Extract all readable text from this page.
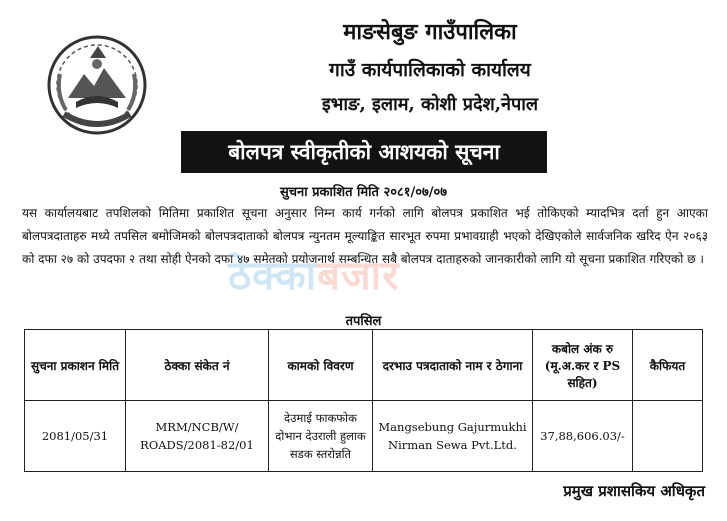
माङसेबुङ गाउँपालिका
गाउँ कार्यपालिकाको कार्यालय
इभाङ, इलाम, कोशी प्रदेश,नेपाल
बोलपत्र स्वीकृतीको आशयको सूचना
सुचना प्रकाशित मिति २०८१/०७/०७
यस कार्यालयबाट तपशिलको मितिमा प्रकाशित सूचना अनुसार निम्न कार्य गर्नको लागि बोलपत्र प्रकाशित भई तोकिएको म्यादभित्र दर्ता हुन आएका बोलपत्रदाताहरु मध्ये तपसिल बमोजिमको बोलपत्रदाताको बोलपत्र न्युनतम मूल्याङ्कित सारभूत रुपमा प्रभावग्राही भएको देखिएकोले सार्वजनिक खरिद ऐन २०६३ को दफा २७ को उपदफा २ तथा सोही ऐनको दफा ४७ समेतको प्रयोजनार्थ सम्बन्धित सबै बोलपत्र दाताहरुको जानकारीको लागि यो सूचना प्रकाशित गरिएको छ ।
ठेक्काबजार
तपसिल
सुचना प्रकाशन मिति	ठेक्का संकेत नं	कामको विवरण	दरभाउ पत्रदाताको नाम र ठेगाना	कबोल अंक रु (मू.अ.कर र PS सहित)	कैफियत
2081/05/31	MRM/NCB/W/ ROADS/2081-82/01	देउमाई फाकफोक दोभान देउराली हुलाक सडक स्तरोन्नति	Mangsebung Gajurmukhi Nirman Sewa Pvt.Ltd.	37,88,606.03/-	
प्रमुख प्रशासकिय अधिकृत
